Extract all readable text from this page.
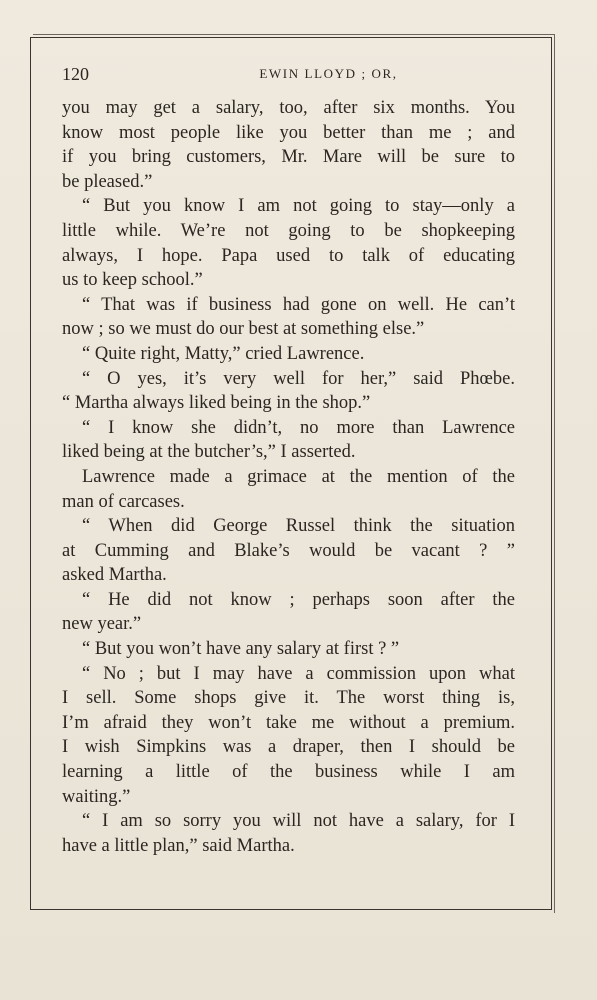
120	EWIN LLOYD ; OR,
you may get a salary, too, after six months. You
know most people like you better than me ; and
if you bring customers, Mr. Mare will be sure to
be pleased.”
“ But you know I am not going to stay—only a
little while. We’re not going to be shopkeeping
always, I hope. Papa used to talk of educating
us to keep school.”
“ That was if business had gone on well. He can’t
now ; so we must do our best at something else.”
“ Quite right, Matty,” cried Lawrence.
“ O yes, it’s very well for her,” said Phœbe.
“ Martha always liked being in the shop.”
“ I know she didn’t, no more than Lawrence
liked being at the butcher’s,” I asserted.
Lawrence made a grimace at the mention of the
man of carcases.
“ When did George Russel think the situation
at Cumming and Blake’s would be vacant ? ”
asked Martha.
“ He did not know ; perhaps soon after the
new year.”
“ But you won’t have any salary at first ? ”
“ No ; but I may have a commission upon what
I sell. Some shops give it. The worst thing is,
I’m afraid they won’t take me without a premium.
I wish Simpkins was a draper, then I should be
learning a little of the business while I am
waiting.”
“ I am so sorry you will not have a salary, for I
have a little plan,” said Martha.
